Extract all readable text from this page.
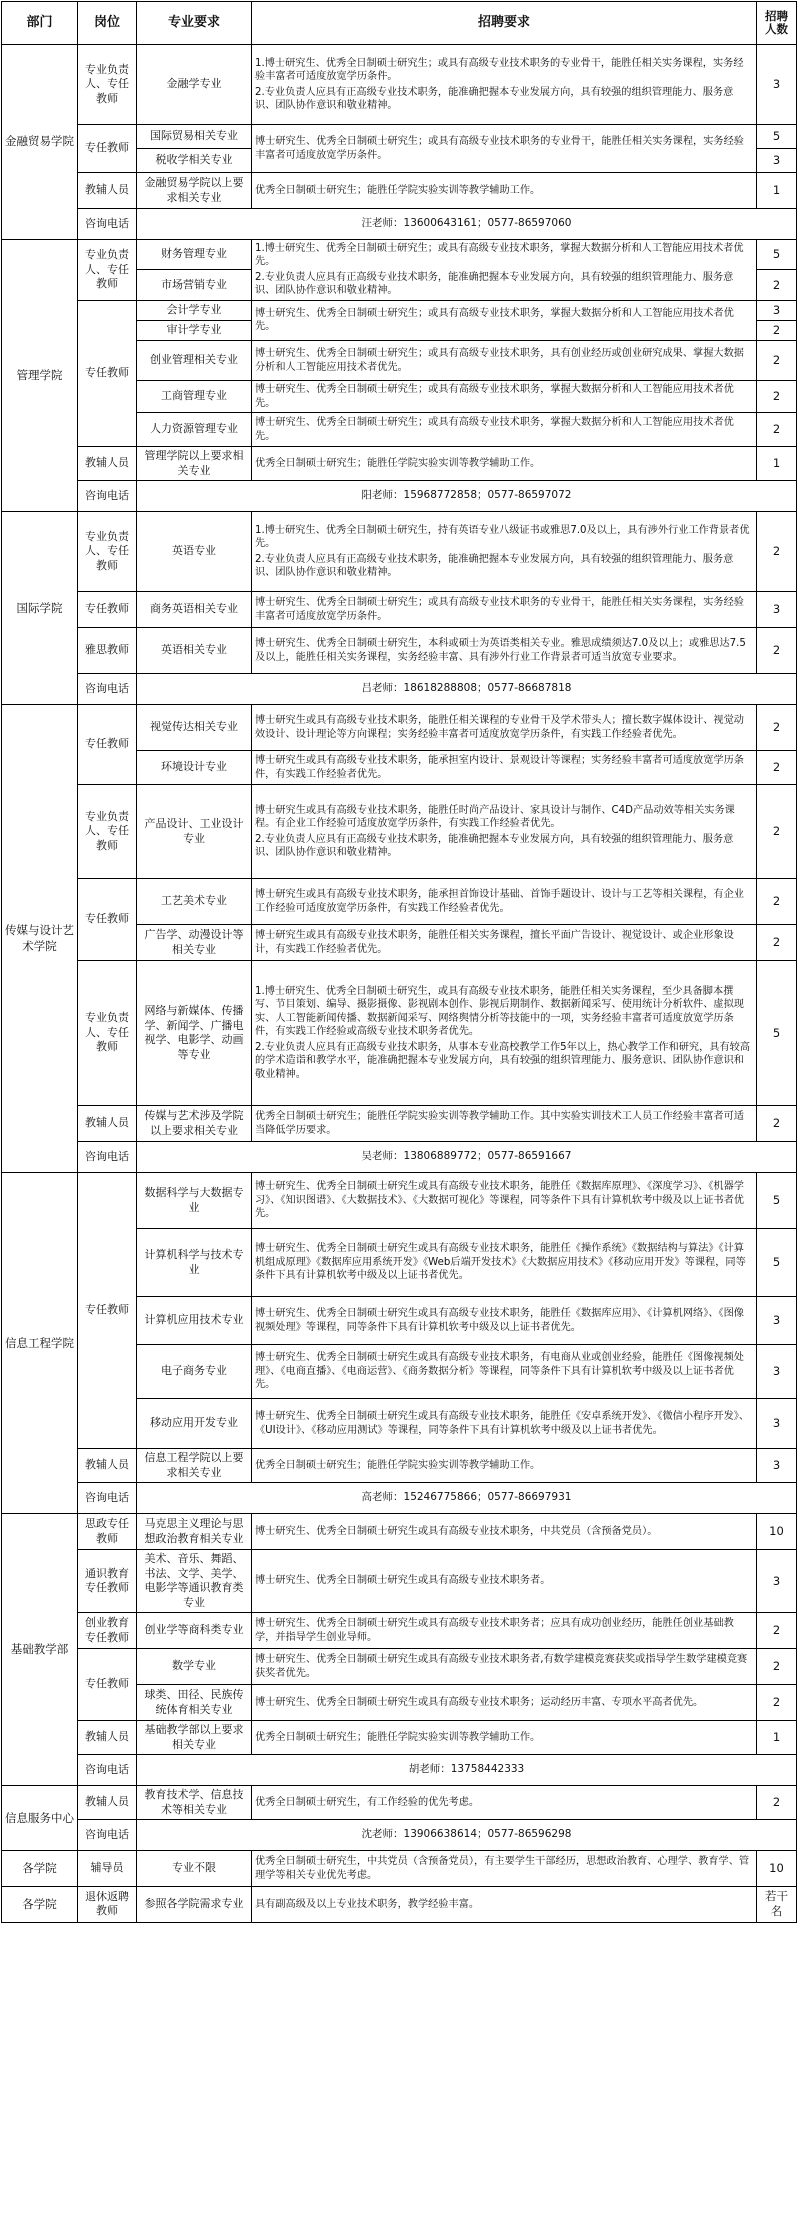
部门	岗位	专业要求	招聘要求	招聘人数
金融贸易学院	专业负责人、专任教师	金融学专业	1.博士研究生、优秀全日制硕士研究生；或具有高级专业技术职务的专业骨干，能胜任相关实务课程，实务经验丰富者可适度放宽学历条件。
2.专业负责人应具有正高级专业技术职务，能准确把握本专业发展方向，具有较强的组织管理能力、服务意识、团队协作意识和敬业精神。	3
	专任教师	国际贸易相关专业	博士研究生、优秀全日制硕士研究生；或具有高级专业技术职务的专业骨干，能胜任相关实务课程，实务经验丰富者可适度放宽学历条件。	5
		税收学相关专业		3
	教辅人员	金融贸易学院以上要求相关专业	优秀全日制硕士研究生；能胜任学院实验实训等教学辅助工作。	1
	咨询电话	汪老师：13600643161；0577-86597060		
管理学院	专业负责人、专任教师	财务管理专业	1.博士研究生、优秀全日制硕士研究生；或具有高级专业技术职务，掌握大数据分析和人工智能应用技术者优先。
2.专业负责人应具有正高级专业技术职务，能准确把握本专业发展方向，具有较强的组织管理能力、服务意识、团队协作意识和敬业精神。	5
		市场营销专业		2
	专任教师	会计学专业	博士研究生、优秀全日制硕士研究生；或具有高级专业技术职务，掌握大数据分析和人工智能应用技术者优先。	3
		审计学专业		2
		创业管理相关专业	博士研究生、优秀全日制硕士研究生；或具有高级专业技术职务，具有创业经历或创业研究成果、掌握大数据分析和人工智能应用技术者优先。	2
		工商管理专业	博士研究生、优秀全日制硕士研究生；或具有高级专业技术职务，掌握大数据分析和人工智能应用技术者优先。	2
		人力资源管理专业	博士研究生、优秀全日制硕士研究生；或具有高级专业技术职务，掌握大数据分析和人工智能应用技术者优先。	2
	教辅人员	管理学院以上要求相关专业	优秀全日制硕士研究生；能胜任学院实验实训等教学辅助工作。	1
	咨询电话	阳老师：15968772858；0577-86597072		
国际学院	专业负责人、专任教师	英语专业	1.博士研究生、优秀全日制硕士研究生，持有英语专业八级证书或雅思7.0及以上，具有涉外行业工作背景者优先。
2.专业负责人应具有正高级专业技术职务，能准确把握本专业发展方向，具有较强的组织管理能力、服务意识、团队协作意识和敬业精神。	2
	专任教师	商务英语相关专业	博士研究生、优秀全日制硕士研究生；或具有高级专业技术职务的专业骨干，能胜任相关实务课程，实务经验丰富者可适度放宽学历条件。	3
	雅思教师	英语相关专业	博士研究生、优秀全日制硕士研究生，本科或硕士为英语类相关专业。雅思成绩须达7.0及以上；或雅思达7.5及以上，能胜任相关实务课程，实务经验丰富、具有涉外行业工作背景者可适当放宽专业要求。	2
	咨询电话	吕老师：18618288808；0577-86687818		
传媒与设计艺术学院	专任教师	视觉传达相关专业	博士研究生或具有高级专业技术职务，能胜任相关课程的专业骨干及学术带头人；擅长数字媒体设计、视觉动效设计、设计理论等方向课程；实务经验丰富者可适度放宽学历条件，有实践工作经验者优先。	2
		环境设计专业	博士研究生或具有高级专业技术职务，能承担室内设计、景观设计等课程；实务经验丰富者可适度放宽学历条件，有实践工作经验者优先。	2
	专业负责人、专任教师	产品设计、工业设计专业	博士研究生或具有高级专业技术职务，能胜任时尚产品设计、家具设计与制作、C4D产品动效等相关实务课程。有企业工作经验可适度放宽学历条件，有实践工作经验者优先。
2.专业负责人应具有正高级专业技术职务，能准确把握本专业发展方向，具有较强的组织管理能力、服务意识、团队协作意识和敬业精神。	2
	专任教师	工艺美术专业	博士研究生或具有高级专业技术职务，能承担首饰设计基础、首饰手题设计、设计与工艺等相关课程，有企业工作经验可适度放宽学历条件，有实践工作经验者优先。	2
		广告学、动漫设计等相关专业	博士研究生或具有高级专业技术职务，能胜任相关实务课程，擅长平面广告设计、视觉设计、或企业形象设计，有实践工作经验者优先。	2
	专业负责人、专任教师	网络与新媒体、传播学、新闻学、广播电视学、电影学、动画等专业	1.博士研究生、优秀全日制硕士研究生，或具有高级专业技术职务，能胜任相关实务课程，至少具备脚本撰写、节目策划、编导、摄影摄像、影视剧本创作、影视后期制作、数据新闻采写、使用统计分析软件、虚拟现实、人工智能新闻传播、数据新闻采写、网络舆情分析等技能中的一项，实务经验丰富者可适度放宽学历条件，有实践工作经验或高级专业技术职务者优先。
2.专业负责人应具有正高级专业技术职务，从事本专业高校教学工作5年以上，热心教学工作和研究，具有较高的学术造诣和教学水平，能准确把握本专业发展方向，具有较强的组织管理能力、服务意识、团队协作意识和敬业精神。	5
	教辅人员	传媒与艺术涉及学院以上要求相关专业	优秀全日制硕士研究生；能胜任学院实验实训等教学辅助工作。其中实验实训技术工人员工作经验丰富者可适当降低学历要求。	2
	咨询电话	吴老师：13806889772；0577-86591667		
信息工程学院	专任教师	数据科学与大数据专业	博士研究生、优秀全日制硕士研究生或具有高级专业技术职务，能胜任《数据库原理》、《深度学习》、《机器学习》、《知识图谱》、《大数据技术》、《大数据可视化》等课程，同等条件下具有计算机软考中级及以上证书者优先。	5
		计算机科学与技术专业	博士研究生、优秀全日制硕士研究生或具有高级专业技术职务，能胜任《操作系统》《数据结构与算法》《计算机组成原理》《数据库应用系统开发》《Web后端开发技术》《大数据应用技术》《移动应用开发》等课程，同等条件下具有计算机软考中级及以上证书者优先。	5
		计算机应用技术专业	博士研究生、优秀全日制硕士研究生或具有高级专业技术职务，能胜任《数据库应用》、《计算机网络》、《图像视频处理》等课程，同等条件下具有计算机软考中级及以上证书者优先。	3
		电子商务专业	博士研究生、优秀全日制硕士研究生或具有高级专业技术职务，有电商从业或创业经验，能胜任《图像视频处理》、《电商直播》、《电商运营》、《商务数据分析》等课程，同等条件下具有计算机软考中级及以上证书者优先。	3
		移动应用开发专业	博士研究生、优秀全日制硕士研究生或具有高级专业技术职务，能胜任《安卓系统开发》、《微信小程序开发》、《UI设计》、《移动应用测试》等课程，同等条件下具有计算机软考中级及以上证书者优先。	3
	教辅人员	信息工程学院以上要求相关专业	优秀全日制硕士研究生；能胜任学院实验实训等教学辅助工作。	3
	咨询电话	高老师：15246775866；0577-86697931		
基础教学部	思政专任教师	马克思主义理论与思想政治教育相关专业	博士研究生、优秀全日制硕士研究生或具有高级专业技术职务，中共党员（含预备党员）。	10
	通识教育专任教师	美术、音乐、舞蹈、书法、文学、美学、电影学等通识教育类专业	博士研究生、优秀全日制硕士研究生或具有高级专业技术职务者。	3
	创业教育专任教师	创业学等商科类专业	博士研究生、优秀全日制硕士研究生或具有高级专业技术职务者；应具有成功创业经历，能胜任创业基础教学，并指导学生创业导师。	2
	专任教师	数学专业	博士研究生、优秀全日制硕士研究生或具有高级专业技术职务者,有数学建模竞赛获奖或指导学生数学建模竞赛获奖者优先。	2
		球类、田径、民族传统体育相关专业	博士研究生、优秀全日制硕士研究生或具有高级专业技术职务；运动经历丰富、专项水平高者优先。	2
	教辅人员	基础教学部以上要求相关专业	优秀全日制硕士研究生；能胜任学院实验实训等教学辅助工作。	1
	咨询电话	胡老师：13758442333		
信息服务中心	教辅人员	教育技术学、信息技术等相关专业	优秀全日制硕士研究生，有工作经验的优先考虑。	2
	咨询电话	沈老师：13906638614；0577-86596298		
各学院	辅导员	专业不限	优秀全日制硕士研究生，中共党员（含预备党员），有主要学生干部经历，思想政治教育、心理学、教育学、管理学等相关专业优先考虑。	10
各学院	退休返聘教师	参照各学院需求专业	具有副高级及以上专业技术职务，教学经验丰富。	若干名
